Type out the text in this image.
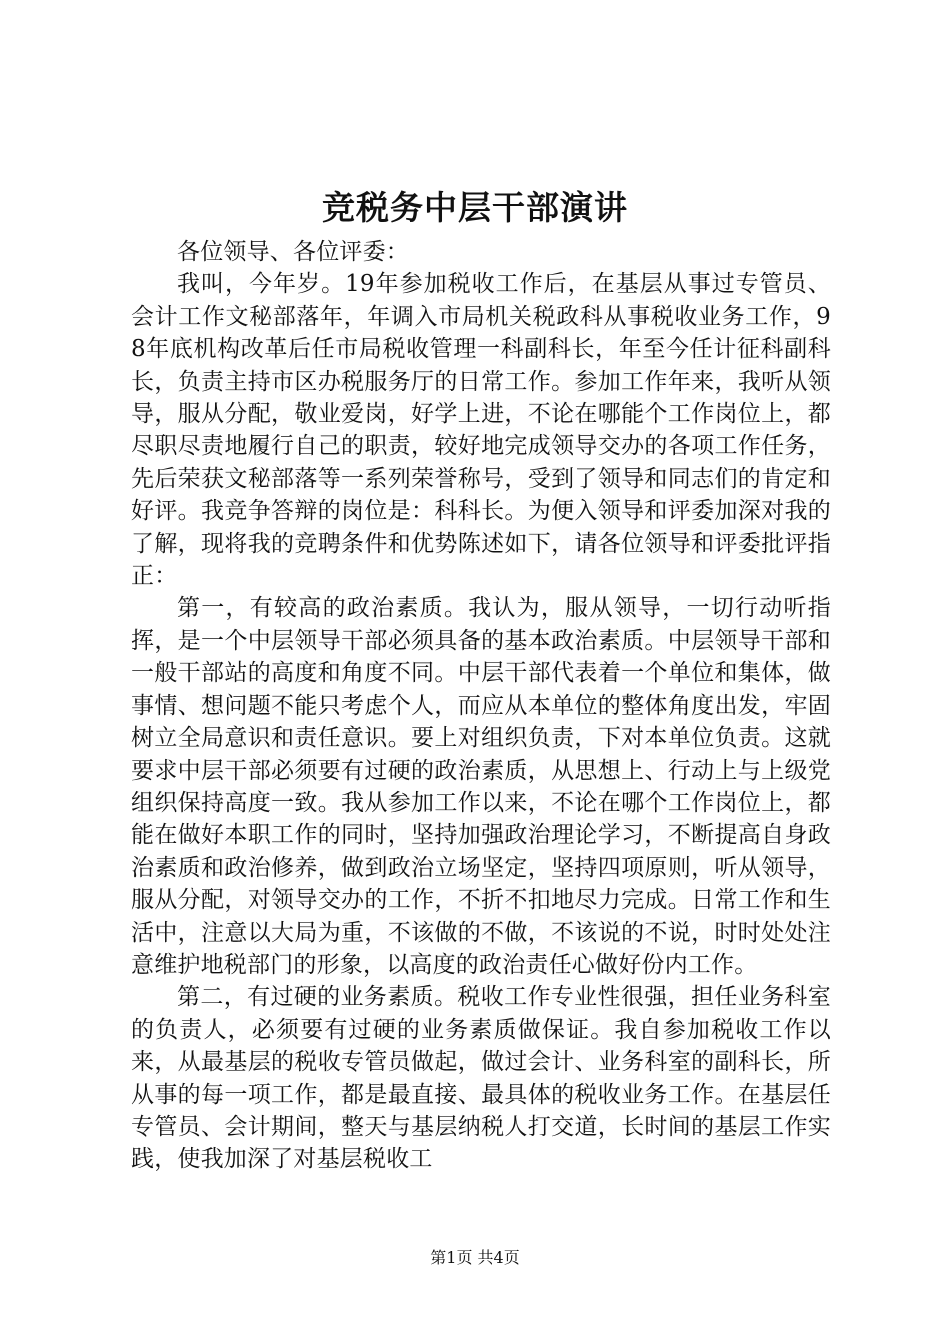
竞税务中层干部演讲

各位领导、各位评委：

我叫，今年岁。19年参加税收工作后，在基层从事过专管员、会计工作文秘部落年，年调入市局机关税政科从事税收业务工作，98年底机构改革后任市局税收管理一科副科长，年至今任计征科副科长，负责主持市区办税服务厅的日常工作。参加工作年来，我听从领导，服从分配，敬业爱岗，好学上进，不论在哪能个工作岗位上，都尽职尽责地履行自己的职责，较好地完成领导交办的各项工作任务，先后荣获文秘部落等一系列荣誉称号，受到了领导和同志们的肯定和好评。我竞争答辩的岗位是：科科长。为便入领导和评委加深对我的了解，现将我的竞聘条件和优势陈述如下，请各位领导和评委批评指正：

第一，有较高的政治素质。我认为，服从领导，一切行动听指挥，是一个中层领导干部必须具备的基本政治素质。中层领导干部和一般干部站的高度和角度不同。中层干部代表着一个单位和集体，做事情、想问题不能只考虑个人，而应从本单位的整体角度出发，牢固树立全局意识和责任意识。要上对组织负责，下对本单位负责。这就要求中层干部必须要有过硬的政治素质，从思想上、行动上与上级党组织保持高度一致。我从参加工作以来，不论在哪个工作岗位上，都能在做好本职工作的同时，坚持加强政治理论学习，不断提高自身政治素质和政治修养，做到政治立场坚定，坚持四项原则，听从领导，服从分配，对领导交办的工作，不折不扣地尽力完成。日常工作和生活中，注意以大局为重，不该做的不做，不该说的不说，时时处处注意维护地税部门的形象，以高度的政治责任心做好份内工作。

第二，有过硬的业务素质。税收工作专业性很强，担任业务科室的负责人，必须要有过硬的业务素质做保证。我自参加税收工作以来，从最基层的税收专管员做起，做过会计、业务科室的副科长，所从事的每一项工作，都是最直接、最具体的税收业务工作。在基层任专管员、会计期间，整天与基层纳税人打交道，长时间的基层工作实践，使我加深了对基层税收工

第1页 共4页
